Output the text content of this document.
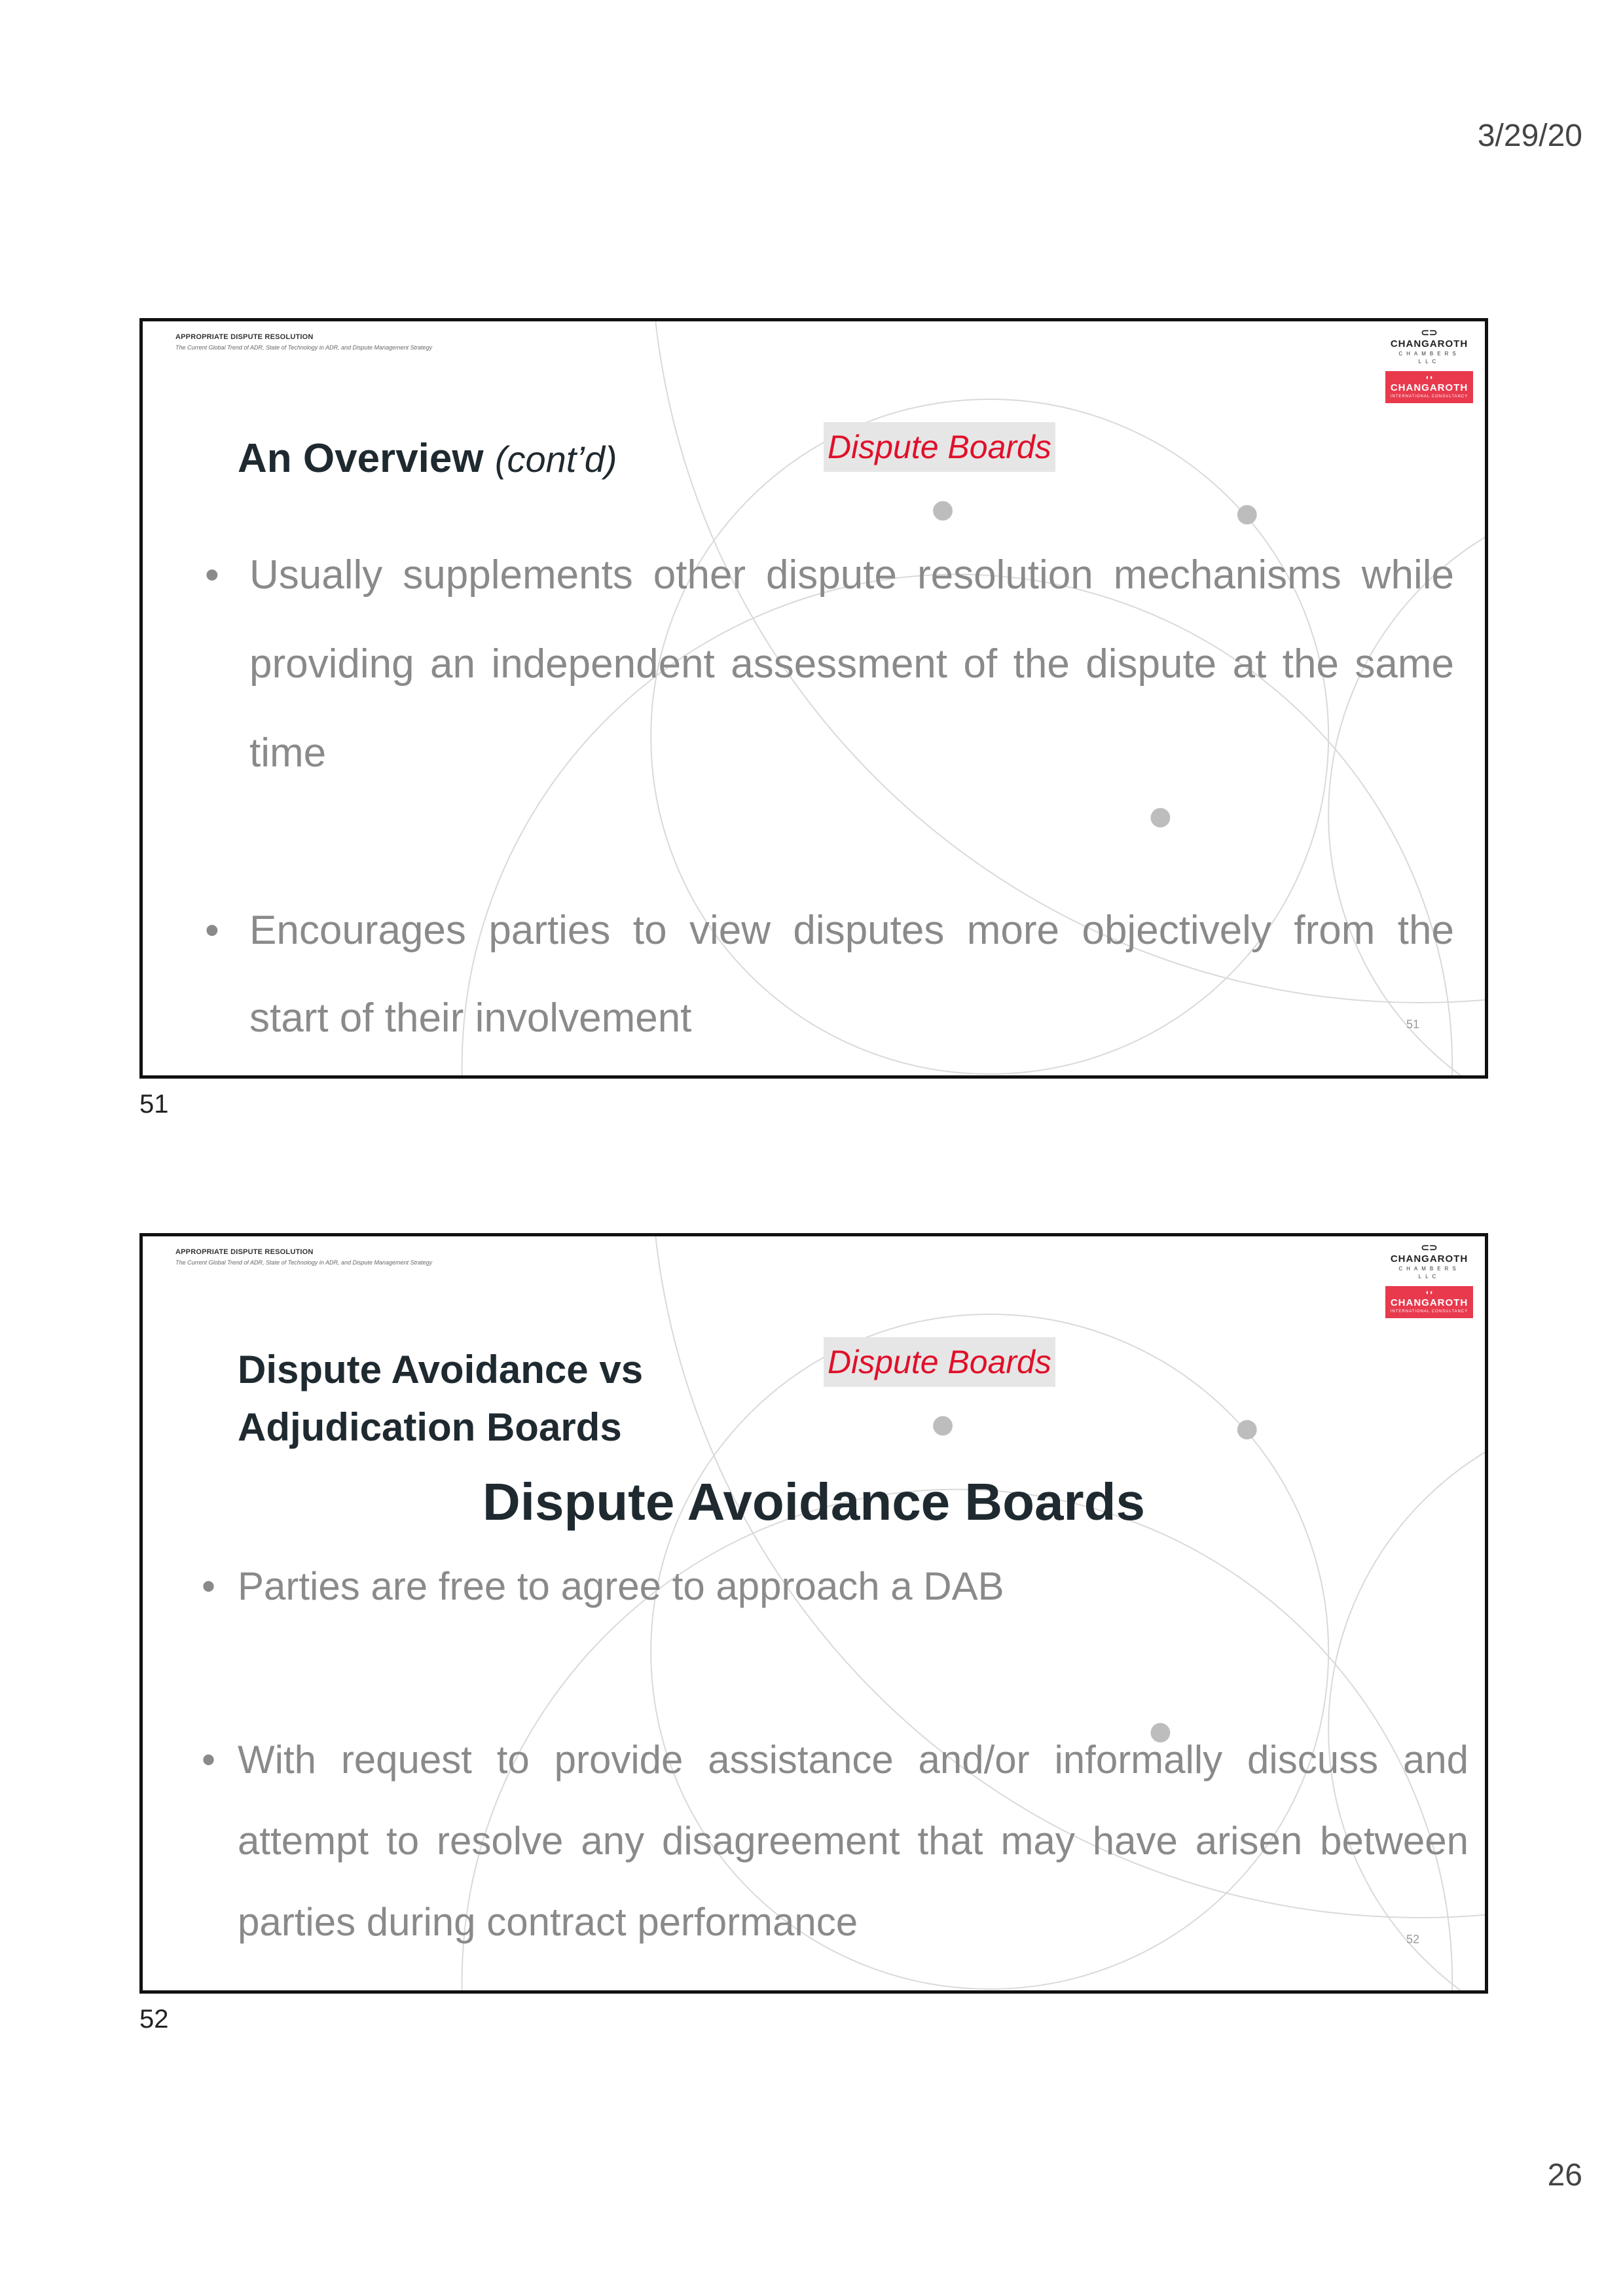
3/29/20
APPROPRIATE DISPUTE RESOLUTION
The Current Global Trend of ADR, State of Technology in ADR, and Dispute Management Strategy
⊂⊃
CHANGAROTH
CHAMBERS LLC
◖◗
CHANGAROTH
INTERNATIONAL CONSULTANCY
An Overview (cont’d)	Dispute Boards
• Usually supplements other dispute resolution mechanisms while providing an independent assessment of the dispute at the same time
• Encourages parties to view disputes more objectively from the start of their involvement	51
51
APPROPRIATE DISPUTE RESOLUTION
The Current Global Trend of ADR, State of Technology in ADR, and Dispute Management Strategy
⊂⊃
CHANGAROTH
CHAMBERS LLC
◖◗
CHANGAROTH
INTERNATIONAL CONSULTANCY
Dispute Avoidance vs
Adjudication Boards
Dispute Boards
Dispute Avoidance Boards
• Parties are free to agree to approach a DAB
• With request to provide assistance and/or informally discuss and attempt to resolve any disagreement that may have arisen between parties during contract performance	52
52
26
